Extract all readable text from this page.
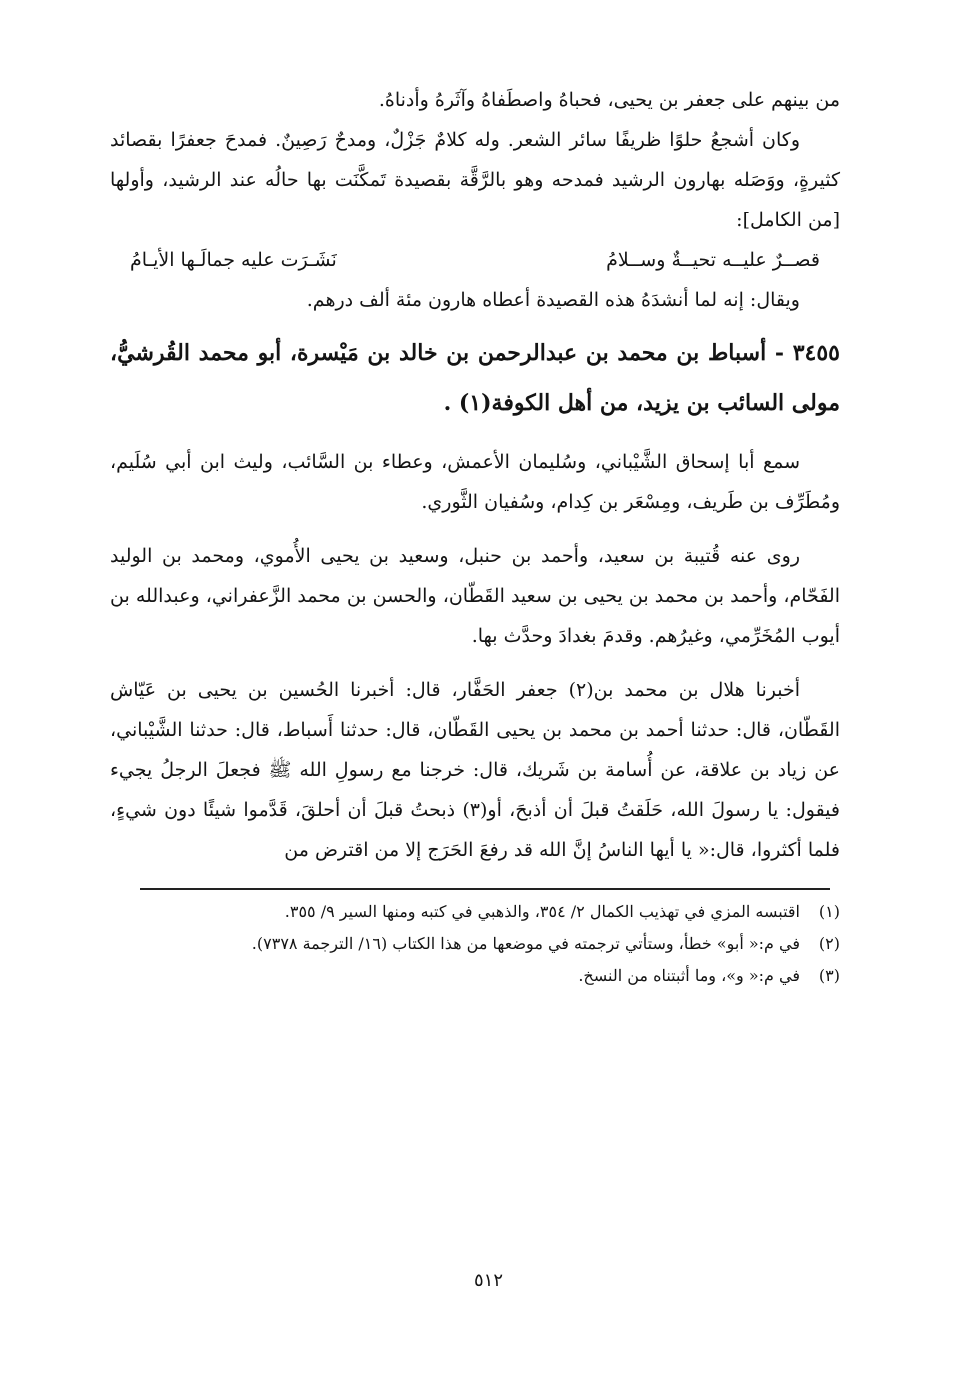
من بينهم على جعفر بن يحيى، فحباهُ واصطَفاهُ وآثَرهُ وأدناهُ.

وكان أشجعُ حلوًا ظريفًا سائر الشعر. وله كلامٌ جَزْلٌ، ومدحٌ رَصِينٌ. فمدحَ جعفرًا بقصائد كثيرةٍ، ووَصَله بهارون الرشيد فمدحه وهو بالرَّقَّة بقصيدة تَمكَّنَت بها حالُه عند الرشيد، وأولها [من الكامل]:

قصــرٌ عليــه تحيــةٌ وســلامُ
نَشَـرَت عليه جمالَـها الأيـامُ

ويقال: إنه لما أنشدَهُ هذه القصيدة أعطاه هارون مئة ألف درهم.

٣٤٥٥ - أسباط بن محمد بن عبدالرحمن بن خالد بن مَيْسرة، أبو محمد القُرشيُّ، مولى السائب بن يزيد، من أهل الكوفة(١) .

سمع أبا إسحاق الشَّيْباني، وسُليمان الأعمش، وعطاء بن السَّائب، وليث ابن أبي سُلَيم، ومُطَرِّف بن طَريف، ومِسْعَر بن كِدام، وسُفيان الثَّوري.

روى عنه قُتيبة بن سعيد، وأحمد بن حنبل، وسعيد بن يحيى الأُموي، ومحمد بن الوليد الفَحّام، وأحمد بن محمد بن يحيى بن سعيد القَطّان، والحسن بن محمد الزَّعفراني، وعبدالله بن أيوب المُخَرِّمي، وغيرُهم. وقدمَ بغدادَ وحدَّث بها.

أخبرنا هلال بن محمد بن(٢) جعفر الحَفَّار، قال: أخبرنا الحُسين بن يحيى بن عَيّاش القَطّان، قال: حدثنا أحمد بن محمد بن يحيى القَطّان، قال: حدثنا أَسباط، قال: حدثنا الشَّيْباني، عن زياد بن علاقة، عن أُسامة بن شَريك، قال: خرجنا مع رسولِ الله ﷺ فجعلَ الرجلُ يجيء فيقول: يا رسولَ الله، حَلَقتُ قبلَ أن أذبحَ، أو(٣) ذبحتُ قبلَ أن أحلقَ، قَدَّموا شيئًا دون شيءٍ، فلما أكثروا، قال:« يا أيها الناسُ إنَّ الله قد رفعَ الحَرَج إلا من اقترض من

(١)
اقتبسه المزي في تهذيب الكمال ٢/ ٣٥٤، والذهبي في كتبه ومنها السير ٩/ ٣٥٥.
(٢)
في م:« أبو» خطأ، وستأتي ترجمته في موضعها من هذا الكتاب (١٦/ الترجمة ٧٣٧٨).
(٣)
في م:« و»، وما أثبتناه من النسخ.
٥١٢
